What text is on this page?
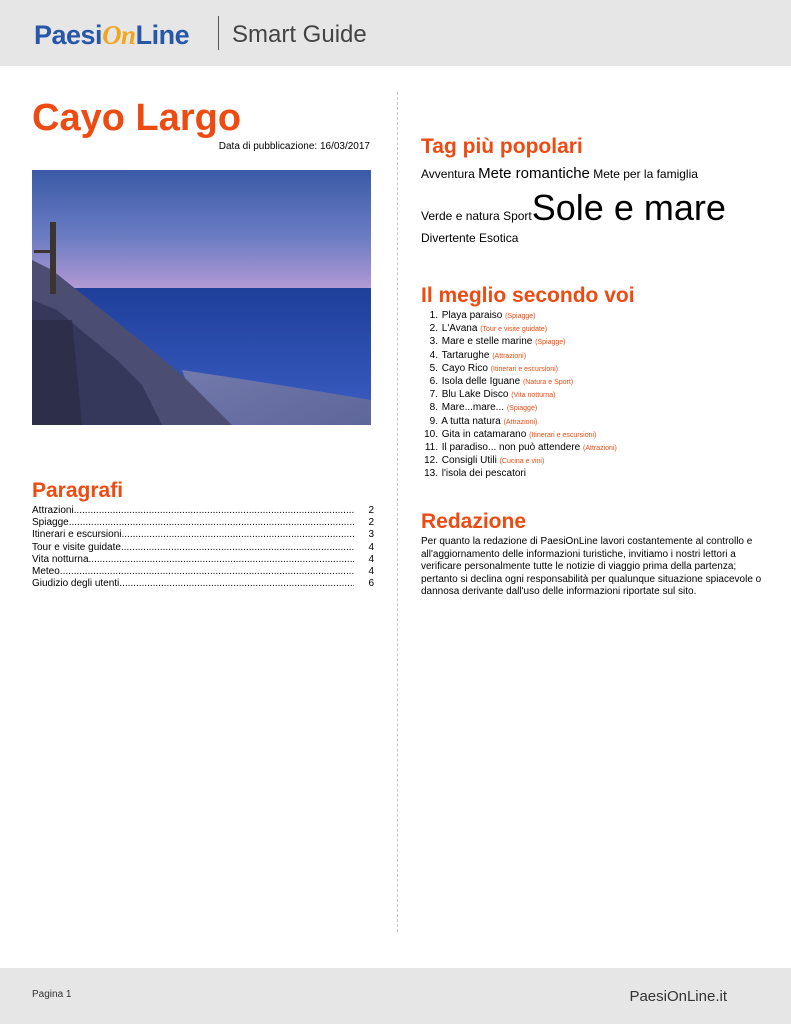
PaesiOnLine Smart Guide
Cayo Largo
Data di pubblicazione: 16/03/2017
Paragrafi
Attrazioni .....	2
Spiagge .....	2
Itinerari e escursioni .....	3
Tour e visite guidate .....	4
Vita notturna .....	4
Meteo .....	4
Giudizio degli utenti .....	6
Tag più popolari
Avventura Mete romantiche Mete per la famiglia
Verde e natura SportSole e mare
Divertente Esotica
Il meglio secondo voi
1. Playa paraiso (Spiagge)
2. L'Avana (Tour e visite guidate)
3. Mare e stelle marine (Spiagge)
4. Tartarughe (Attrazioni)
5. Cayo Rico (Itinerari e escursioni)
6. Isola delle Iguane (Natura e Sport)
7. Blu Lake Disco (Vita notturna)
8. Mare...mare... (Spiagge)
9. A tutta natura (Attrazioni)
10. Gita in catamarano (Itinerari e escursioni)
11. Il paradiso... non può attendere (Attrazioni)
12. Consigli Utili (Cucina e vini)
13. l'isola dei pescatori
Redazione
Per quanto la redazione di PaesiOnLine lavori costantemente al controllo e all'aggiornamento delle informazioni turistiche, invitiamo i nostri lettori a verificare personalmente tutte le notizie di viaggio prima della partenza; pertanto si declina ogni responsabilità per qualunque situazione spiacevole o dannosa derivante dall'uso delle informazioni riportate sul sito.
Pagina 1	PaesiOnLine.it
